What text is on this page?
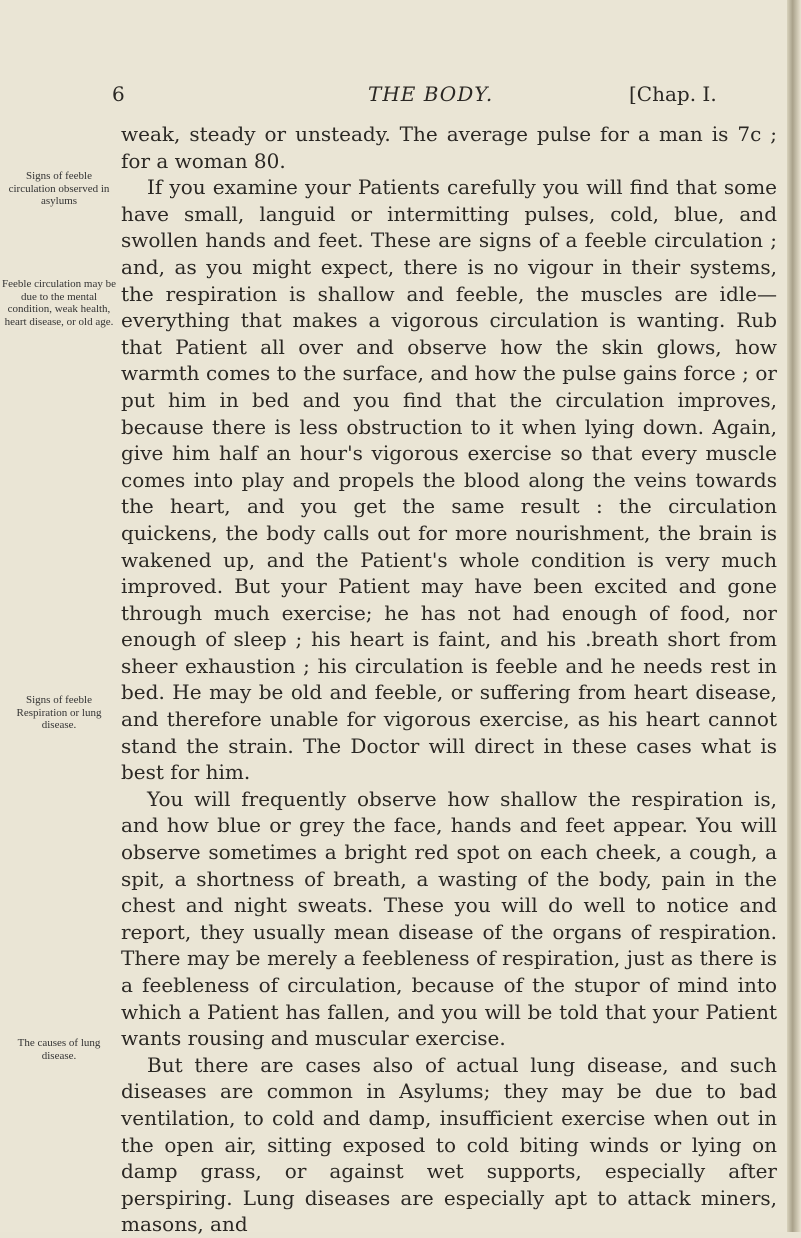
6	THE BODY.	[Chap. I.
Signs of feeble circulation observed in asylums
Feeble circulation may be due to the mental condition, weak health, heart disease, or old age.
Signs of feeble Respiration or lung disease.
The causes of lung disease.

weak, steady or unsteady. The average pulse for a man is 7c ; for a woman 80.

If you examine your Patients carefully you will find that some have small, languid or intermitting pulses, cold, blue, and swollen hands and feet. These are signs of a feeble circulation ; and, as you might expect, there is no vigour in their systems, the respiration is shallow and feeble, the muscles are idle—everything that makes a vigorous circulation is wanting. Rub that Patient all over and observe how the skin glows, how warmth comes to the surface, and how the pulse gains force ; or put him in bed and you find that the circulation improves, because there is less obstruction to it when lying down. Again, give him half an hour's vigorous exercise so that every muscle comes into play and propels the blood along the veins towards the heart, and you get the same result : the circulation quickens, the body calls out for more nourishment, the brain is wakened up, and the Patient's whole condition is very much improved. But your Patient may have been excited and gone through much exercise; he has not had enough of food, nor enough of sleep ; his heart is faint, and his .breath short from sheer exhaustion ; his circulation is feeble and he needs rest in bed. He may be old and feeble, or suffering from heart disease, and therefore unable for vigorous exercise, as his heart cannot stand the strain. The Doctor will direct in these cases what is best for him.

You will frequently observe how shallow the respiration is, and how blue or grey the face, hands and feet appear. You will observe sometimes a bright red spot on each cheek, a cough, a spit, a shortness of breath, a wasting of the body, pain in the chest and night sweats. These you will do well to notice and report, they usually mean disease of the organs of respiration. There may be merely a feebleness of respiration, just as there is a feebleness of circulation, because of the stupor of mind into which a Patient has fallen, and you will be told that your Patient wants rousing and muscular exercise.

But there are cases also of actual lung disease, and such diseases are common in Asylums; they may be due to bad ventilation, to cold and damp, insufficient exercise when out in the open air, sitting exposed to cold biting winds or lying on damp grass, or against wet supports, especially after perspiring. Lung diseases are especially apt to attack miners, masons, and
